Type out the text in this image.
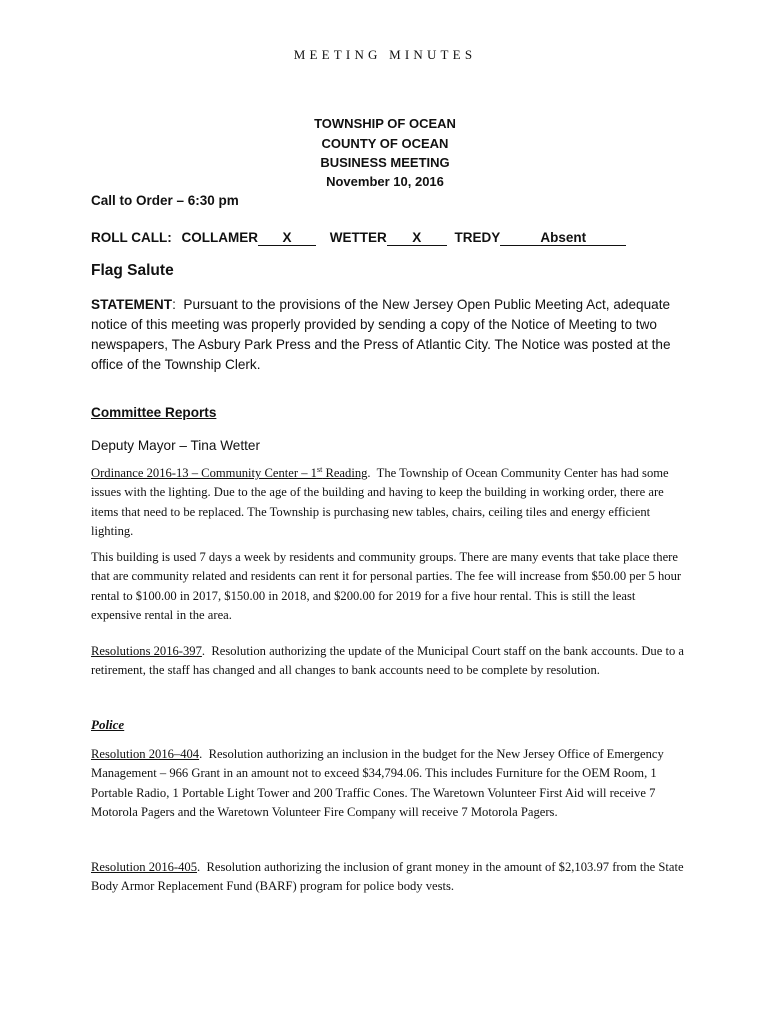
MEETING MINUTES
TOWNSHIP OF OCEAN
COUNTY OF OCEAN
BUSINESS MEETING
November 10, 2016
Call to Order – 6:30 pm
ROLL CALL: COLLAMER X	WETTER X TREDY	Absent
Flag Salute
STATEMENT:  Pursuant to the provisions of the New Jersey Open Public Meeting Act, adequate notice of this meeting was properly provided by sending a copy of the Notice of Meeting to two newspapers, The Asbury Park Press and the Press of Atlantic City. The Notice was posted at the office of the Township Clerk.
Committee Reports
Deputy Mayor – Tina Wetter
Ordinance 2016-13 – Community Center – 1st Reading.  The Township of Ocean Community Center has had some issues with the lighting. Due to the age of the building and having to keep the building in working order, there are items that need to be replaced. The Township is purchasing new tables, chairs, ceiling tiles and energy efficient lighting.
This building is used 7 days a week by residents and community groups. There are many events that take place there that are community related and residents can rent it for personal parties. The fee will increase from $50.00 per 5 hour rental to $100.00 in 2017, $150.00 in 2018, and $200.00 for 2019 for a five hour rental. This is still the least expensive rental in the area.
Resolutions 2016-397.  Resolution authorizing the update of the Municipal Court staff on the bank accounts. Due to a retirement, the staff has changed and all changes to bank accounts need to be complete by resolution.
Police
Resolution 2016–404.  Resolution authorizing an inclusion in the budget for the New Jersey Office of Emergency Management – 966 Grant in an amount not to exceed $34,794.06. This includes Furniture for the OEM Room, 1 Portable Radio, 1 Portable Light Tower and 200 Traffic Cones. The Waretown Volunteer First Aid will receive 7 Motorola Pagers and the Waretown Volunteer Fire Company will receive 7 Motorola Pagers.
Resolution 2016-405.  Resolution authorizing the inclusion of grant money in the amount of $2,103.97 from the State Body Armor Replacement Fund (BARF) program for police body vests.
